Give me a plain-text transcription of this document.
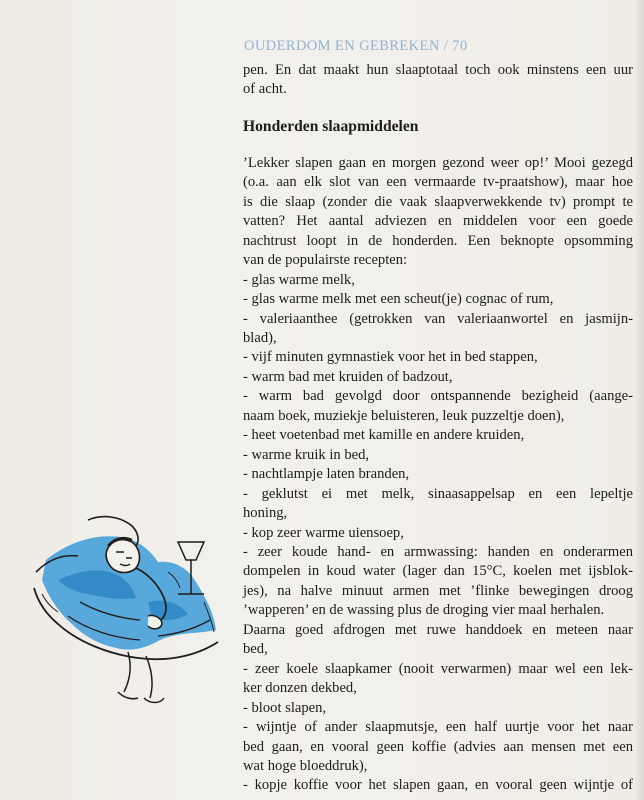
OUDERDOM EN GEBREKEN / 70
pen. En dat maakt hun slaaptotaal toch ook minstens een uur
of acht.
Honderden slaapmiddelen
’Lekker slapen gaan en morgen gezond weer op!’ Mooi gezegd
(o.a. aan elk slot van een vermaarde tv-praatshow), maar hoe
is die slaap (zonder die vaak slaapverwekkende tv) prompt te
vatten? Het aantal adviezen en middelen voor een goede
nachtrust loopt in de honderden. Een beknopte opsomming
van de populairste recepten:
- glas warme melk,
- glas warme melk met een scheut(je) cognac of rum,
- valeriaanthee (getrokken van valeriaanwortel en jasmijn-
blad),
- vijf minuten gymnastiek voor het in bed stappen,
- warm bad met kruiden of badzout,
- warm bad gevolgd door ontspannende bezigheid (aange-
naam boek, muziekje beluisteren, leuk puzzeltje doen),
- heet voetenbad met kamille en andere kruiden,
- warme kruik in bed,
- nachtlampje laten branden,
- geklutst ei met melk, sinaasappelsap en een lepeltje
honing,
- kop zeer warme uiensoep,
- zeer koude hand- en armwassing: handen en onderarmen
dompelen in koud water (lager dan 15°C, koelen met ijsblok-
jes), na halve minuut armen met ’flinke bewegingen droog
’wapperen’ en de wassing plus de droging vier maal herhalen.
Daarna goed afdrogen met ruwe handdoek en meteen naar
bed,
- zeer koele slaapkamer (nooit verwarmen) maar wel een lek-
ker donzen dekbed,
- bloot slapen,
- wijntje of ander slaapmutsje, een half uurtje voor het naar
bed gaan, en vooral geen koffie (advies aan mensen met een
wat hoge bloeddruk),
- kopje koffie voor het slapen gaan, en vooral geen wijntje of
